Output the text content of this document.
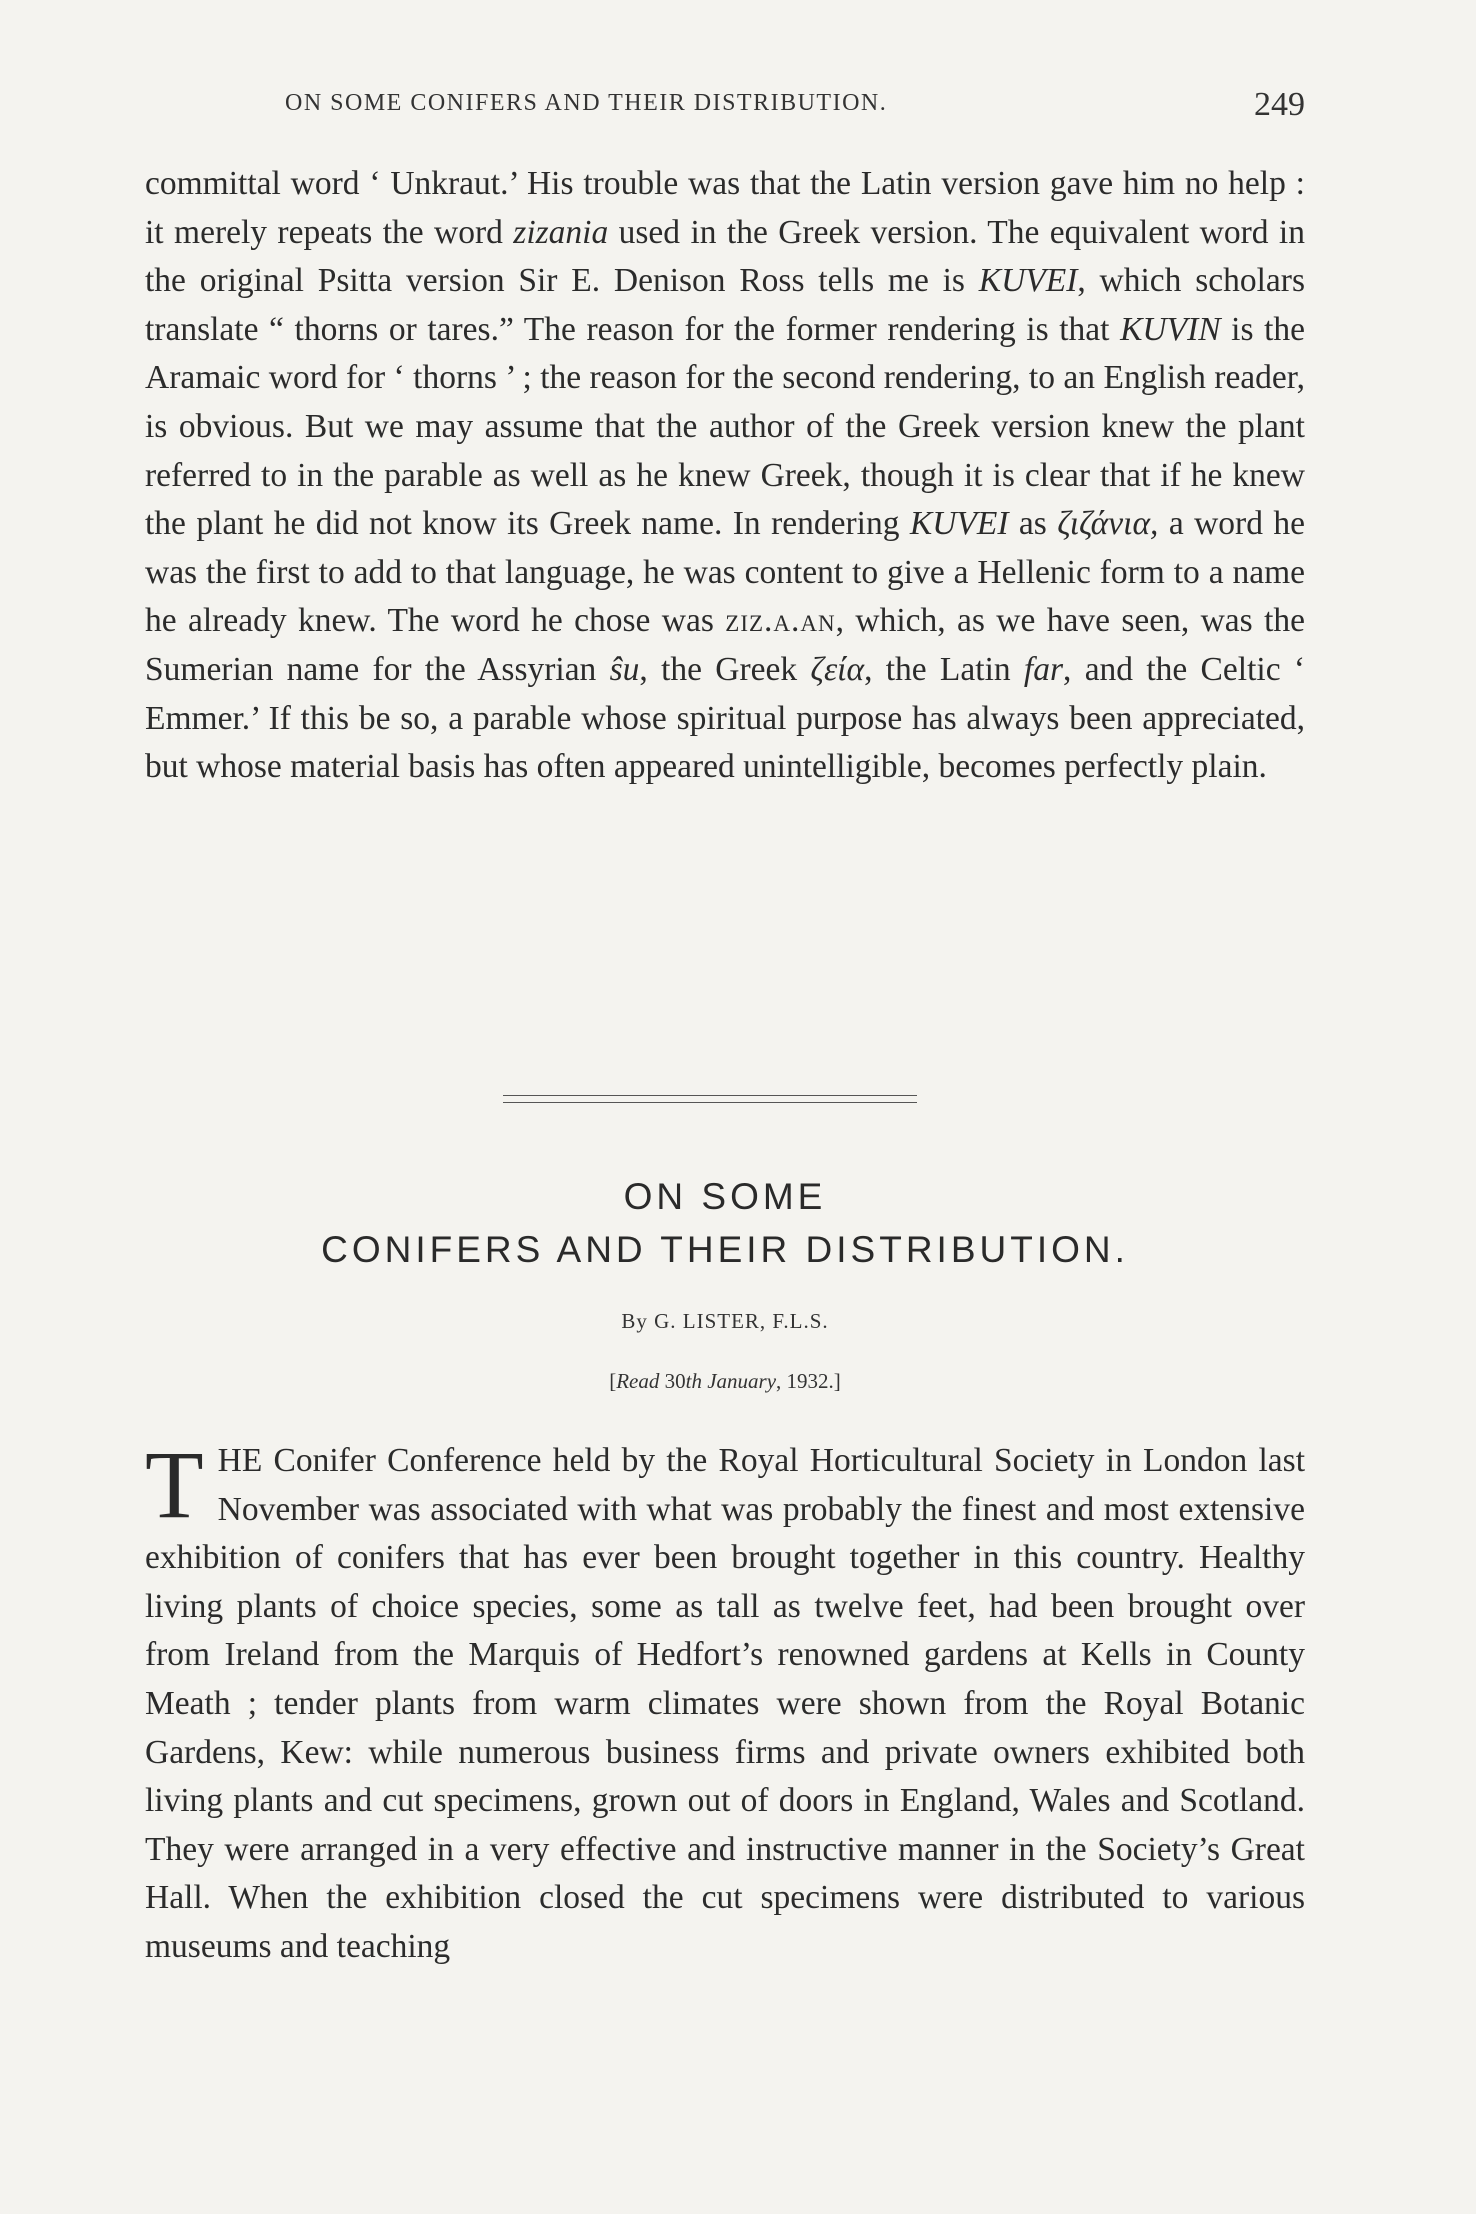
ON SOME CONIFERS AND THEIR DISTRIBUTION.	249

committal word ‘ Unkraut.’ His trouble was that the Latin version gave him no help : it merely repeats the word zizania used in the Greek version. The equivalent word in the original Psitta version Sir E. Denison Ross tells me is KUVEI, which scholars translate “ thorns or tares.” The reason for the former rendering is that KUVIN is the Aramaic word for ‘ thorns ’ ; the reason for the second rendering, to an English reader, is obvious. But we may assume that the author of the Greek version knew the plant referred to in the parable as well as he knew Greek, though it is clear that if he knew the plant he did not know its Greek name. In rendering KUVEI as ζιζάνια, a word he was the first to add to that language, he was content to give a Hellenic form to a name he already knew. The word he chose was ziz.a.an, which, as we have seen, was the Sumerian name for the Assyrian ŝu, the Greek ζεία, the Latin far, and the Celtic ‘ Emmer.’ If this be so, a parable whose spiritual purpose has always been appreciated, but whose material basis has often appeared unintelligible, becomes perfectly plain.

ON SOME
CONIFERS AND THEIR DISTRIBUTION.
By G. LISTER, F.L.S.
[Read 30th January, 1932.]

THE Conifer Conference held by the Royal Horticultural Society in London last November was associated with what was probably the finest and most extensive exhibition of conifers that has ever been brought together in this country. Healthy living plants of choice species, some as tall as twelve feet, had been brought over from Ireland from the Marquis of Hedfort’s renowned gardens at Kells in County Meath ; tender plants from warm climates were shown from the Royal Botanic Gardens, Kew: while numerous business firms and private owners exhibited both living plants and cut specimens, grown out of doors in England, Wales and Scotland. They were arranged in a very effective and instructive manner in the Society’s Great Hall. When the exhibition closed the cut specimens were distributed to various museums and teaching
